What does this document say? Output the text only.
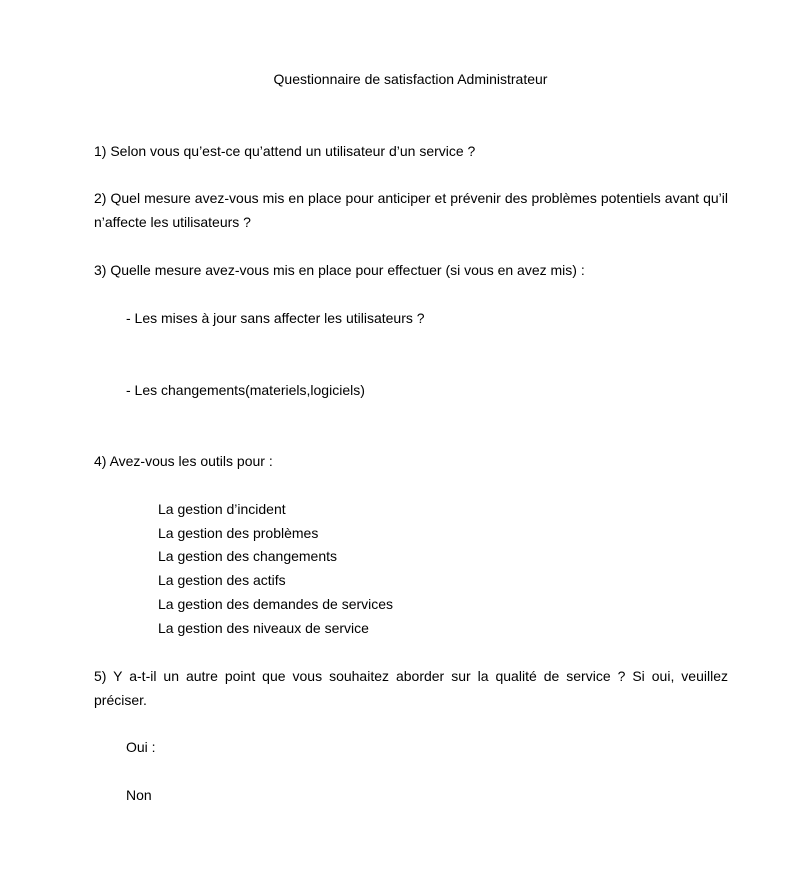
Questionnaire de satisfaction Administrateur
1) Selon vous qu’est-ce qu’attend un utilisateur d’un service ?
2) Quel mesure avez-vous mis en place pour anticiper et prévenir des problèmes potentiels avant qu’il n’affecte les utilisateurs ?
3) Quelle mesure avez-vous mis en place pour effectuer (si vous en avez mis) :
- Les mises à jour sans affecter les utilisateurs ?
- Les changements(materiels,logiciels)
4) Avez-vous les outils pour :
La gestion d’incident
La gestion des problèmes
La gestion des changements
La gestion des actifs
La gestion des demandes de services
La gestion des niveaux de service
5) Y a-t-il un autre point que vous souhaitez aborder sur la qualité de service ? Si oui, veuillez préciser.
Oui :
Non
